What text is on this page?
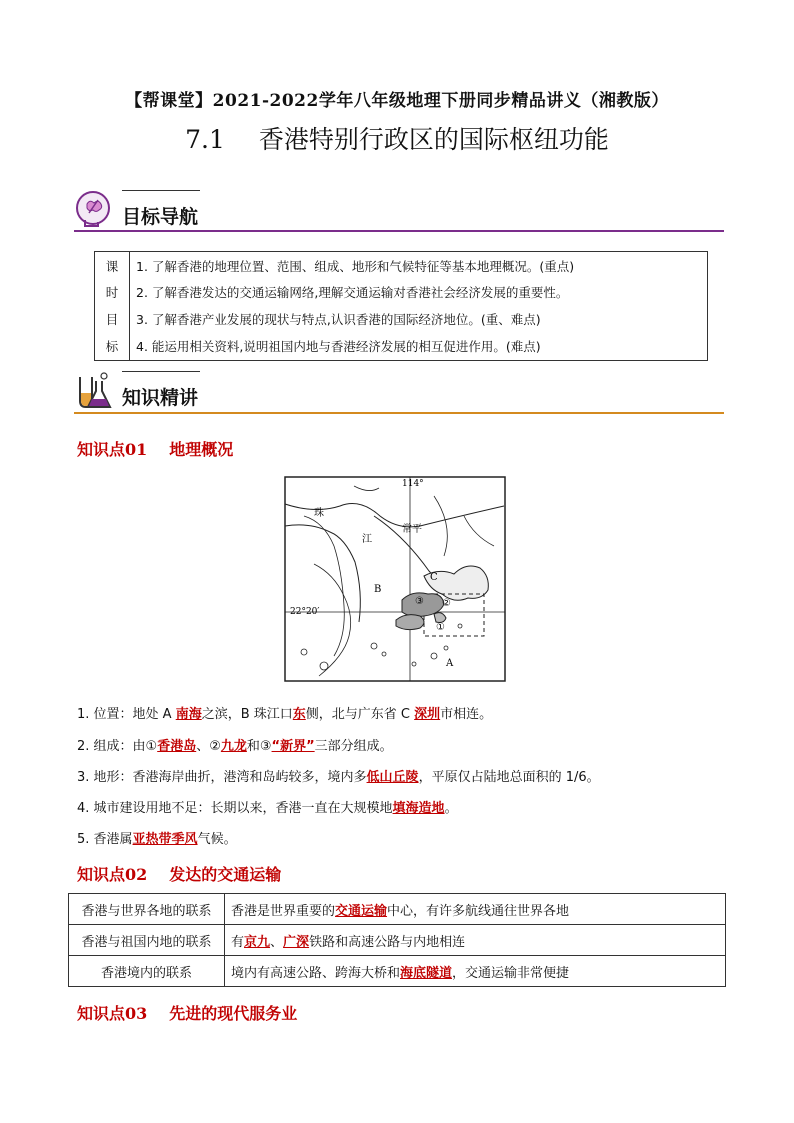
【帮课堂】2021-2022学年八年级地理下册同步精品讲义（湘教版）
7.1 香港特别行政区的国际枢纽功能
目标导航
课	1. 了解香港的地理位置、范围、组成、地形和气候特征等基本地理概况。(重点)
时	2. 了解香港发达的交通运输网络,理解交通运输对香港社会经济发展的重要性。
目	3. 了解香港产业发展的现状与特点,认识香港的国际经济地位。(重、难点)
标	4. 能运用相关资料,说明祖国内地与香港经济发展的相互促进作用。(难点)
知识精讲
知识点01 地理概况
114°
22°20′
珠
江
常平
B
C
A
③ ②
①
1. 位置：地处 A 南海之滨，B 珠江口东侧，北与广东省 C 深圳市相连。
2. 组成：由①香港岛、②九龙和③“新界”三部分组成。
3. 地形：香港海岸曲折，港湾和岛屿较多，境内多低山丘陵，平原仅占陆地总面积的 1/6。
4. 城市建设用地不足：长期以来，香港一直在大规模地填海造地。
5. 香港属亚热带季风气候。
知识点02 发达的交通运输
香港与世界各地的联系	香港是世界重要的交通运输中心，有许多航线通往世界各地
香港与祖国内地的联系	有京九、广深铁路和高速公路与内地相连
香港境内的联系	境内有高速公路、跨海大桥和海底隧道，交通运输非常便捷
知识点03 先进的现代服务业
